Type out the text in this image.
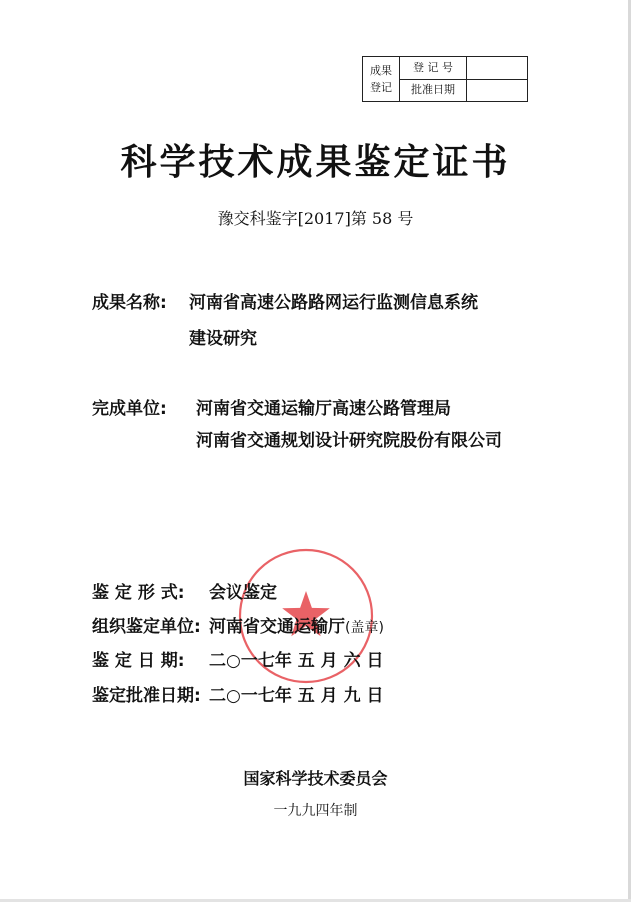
成果登记	登 记 号	
	批准日期	
科学技术成果鉴定证书
豫交科鉴字[2017]第 58 号
成果名称: 河南省高速公路路网运行监测信息系统
建设研究
完成单位: 河南省交通运输厅高速公路管理局
河南省交通规划设计研究院股份有限公司
鉴 定 形 式: 会议鉴定
组织鉴定单位: 河南省交通运输厅(盖章)
鉴 定 日 期: 二○一七年 五 月 六 日
鉴定批准日期: 二○一七年 五 月 九 日
国家科学技术委员会
一九九四年制
